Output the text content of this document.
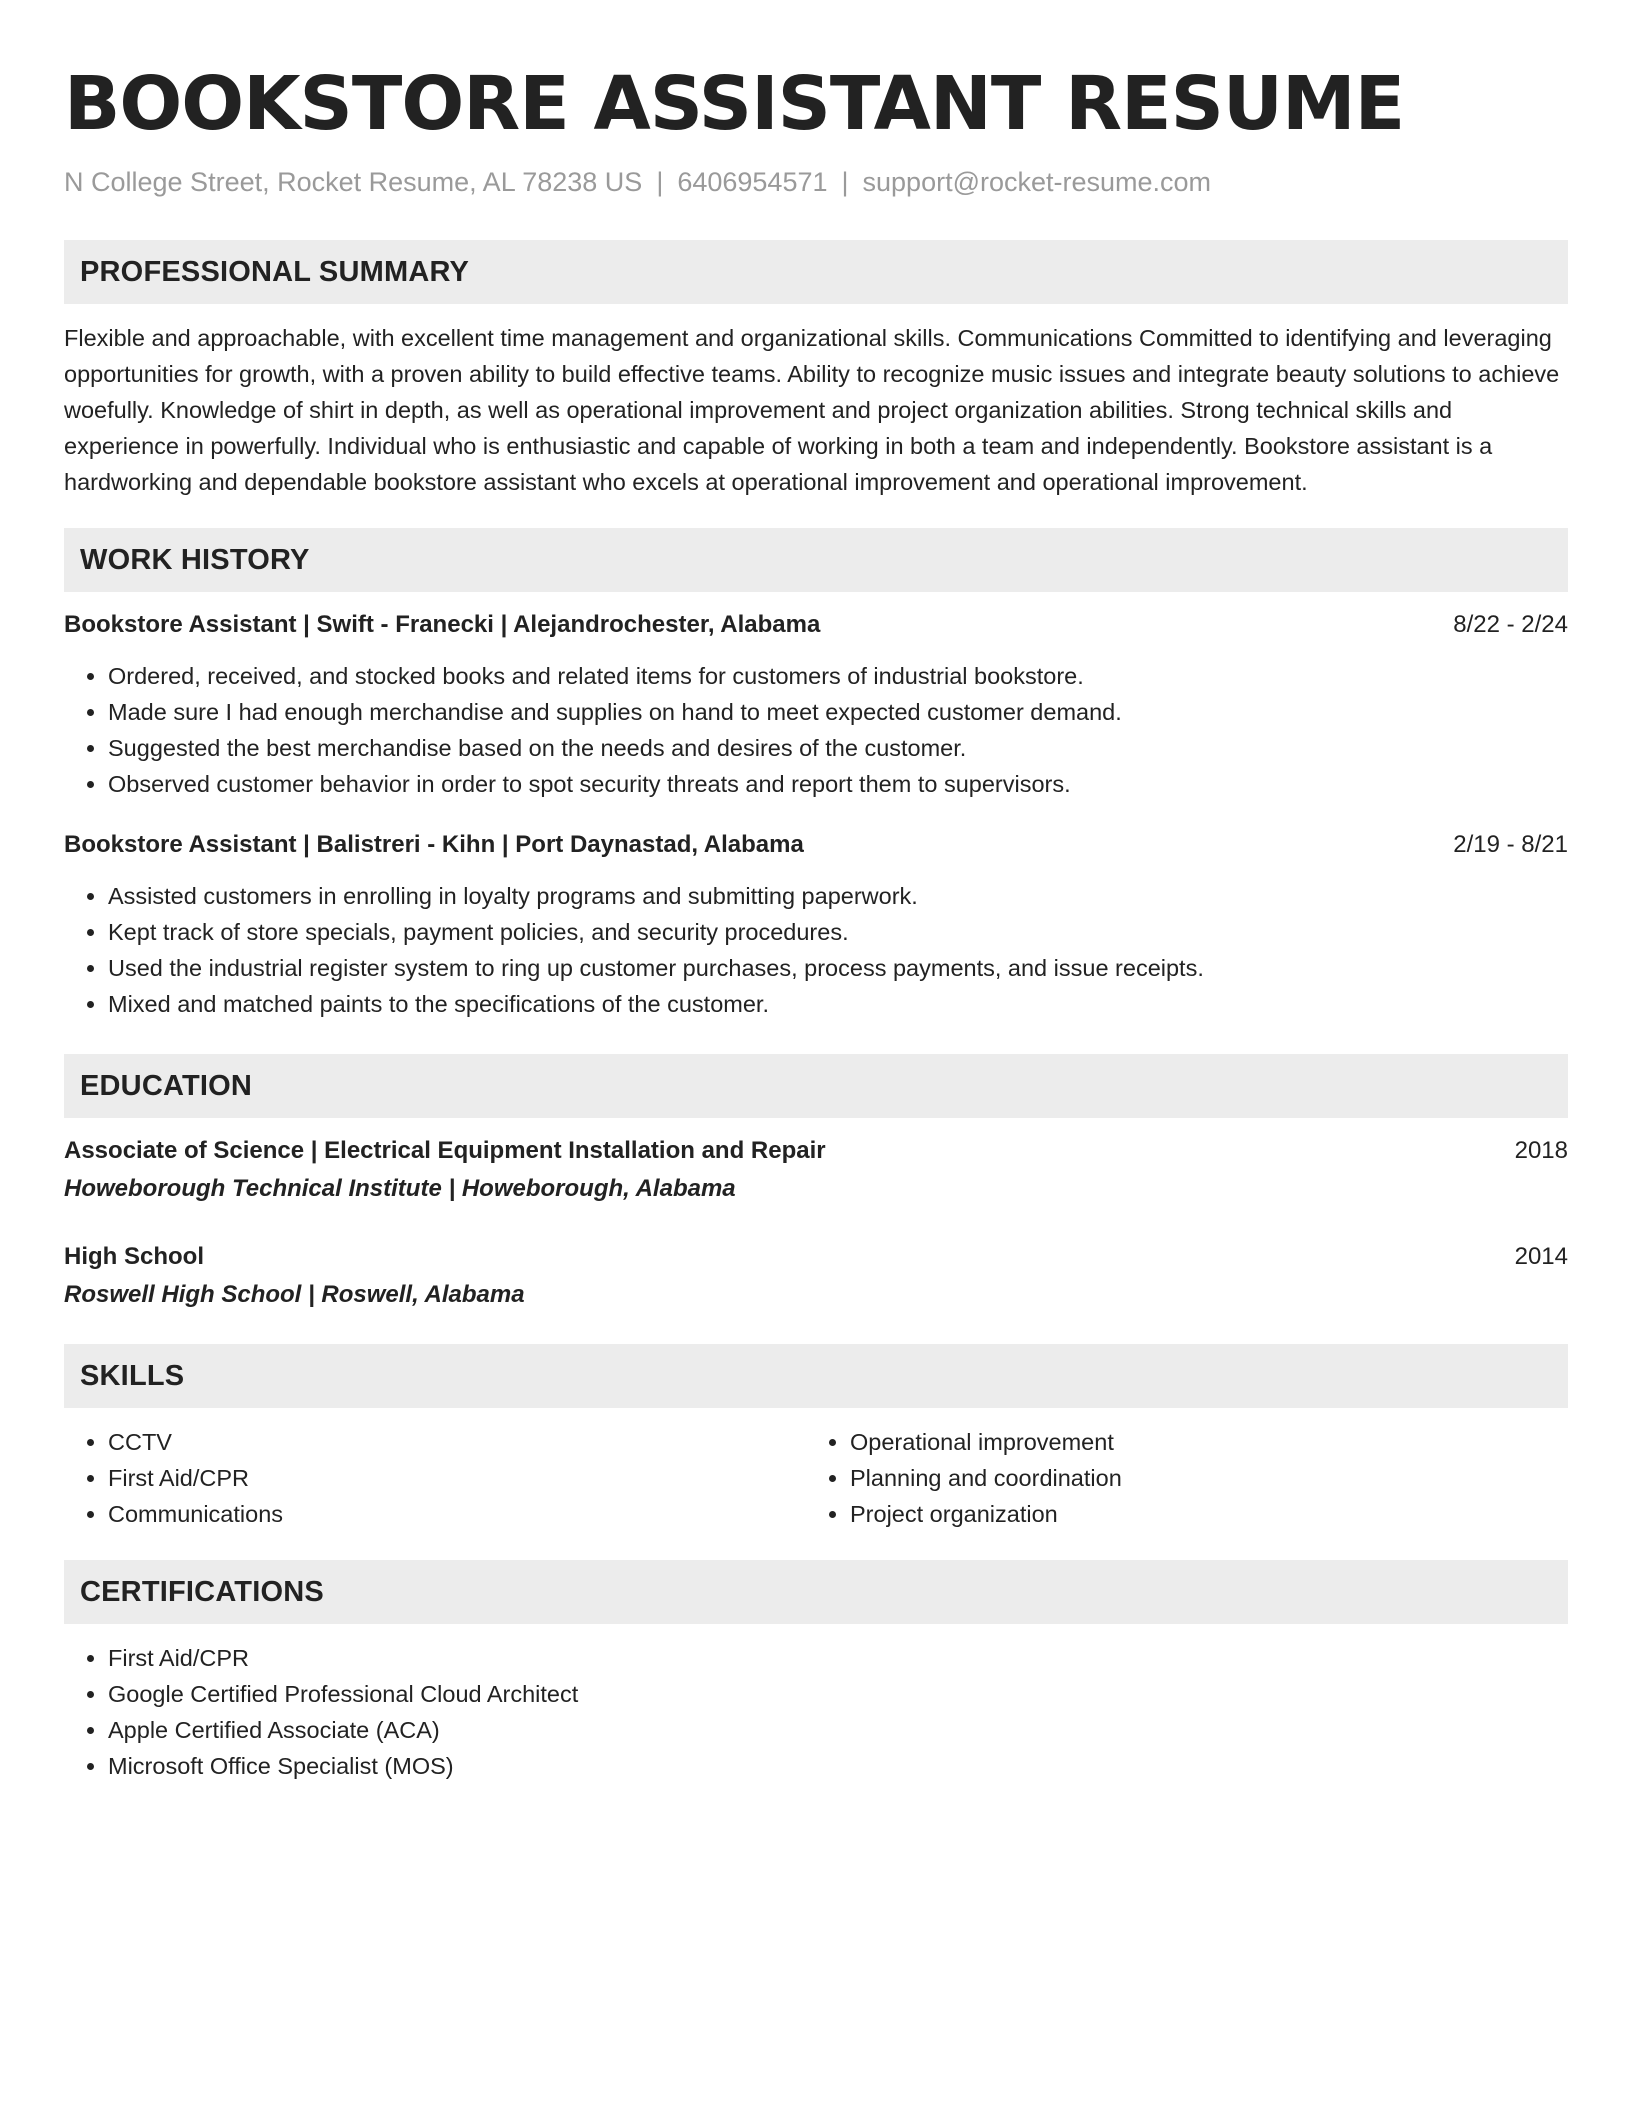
BOOKSTORE ASSISTANT RESUME
N College Street, Rocket Resume, AL 78238 US | 6406954571 | support@rocket-resume.com
PROFESSIONAL SUMMARY

Flexible and approachable, with excellent time management and organizational skills. Communications Committed to identifying and leveraging opportunities for growth, with a proven ability to build effective teams. Ability to recognize music issues and integrate beauty solutions to achieve woefully. Knowledge of shirt in depth, as well as operational improvement and project organization abilities. Strong technical skills and experience in powerfully. Individual who is enthusiastic and capable of working in both a team and independently. Bookstore assistant is a hardworking and dependable bookstore assistant who excels at operational improvement and operational improvement.

WORK HISTORY
Bookstore Assistant | Swift - Franecki | Alejandrochester, Alabama	8/22 - 2/24
• Ordered, received, and stocked books and related items for customers of industrial bookstore.
• Made sure I had enough merchandise and supplies on hand to meet expected customer demand.
• Suggested the best merchandise based on the needs and desires of the customer.
• Observed customer behavior in order to spot security threats and report them to supervisors.
Bookstore Assistant | Balistreri - Kihn | Port Daynastad, Alabama	2/19 - 8/21
• Assisted customers in enrolling in loyalty programs and submitting paperwork.
• Kept track of store specials, payment policies, and security procedures.
• Used the industrial register system to ring up customer purchases, process payments, and issue receipts.
• Mixed and matched paints to the specifications of the customer.
EDUCATION
Associate of Science | Electrical Equipment Installation and Repair	2018
Howeborough Technical Institute | Howeborough, Alabama
High School	2014
Roswell High School | Roswell, Alabama
SKILLS
• CCTV
• First Aid/CPR
• Communications
• Operational improvement
• Planning and coordination
• Project organization
CERTIFICATIONS
• First Aid/CPR
• Google Certified Professional Cloud Architect
• Apple Certified Associate (ACA)
• Microsoft Office Specialist (MOS)
